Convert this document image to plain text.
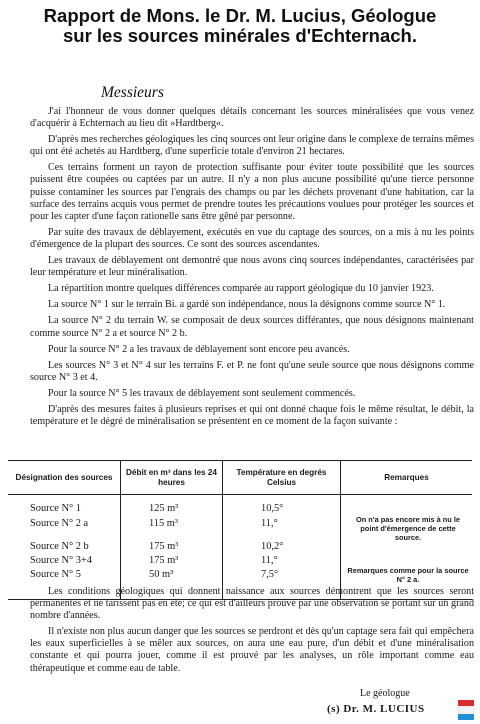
Rapport de Mons. le Dr. M. Lucius, Géologue
sur les sources minérales d'Echternach.
Messieurs

J'ai l'honneur de vous donner quelques détails concernant les sources minéralisées que vous venez d'acquérir à Echternach au lieu dit »Hardtberg«.

D'après mes recherches géologiques les cinq sources ont leur origine dans le complexe de terrains mêmes qui ont été achetés au Hardtberg, d'une superficie totale d'environ 21 hectares.

Ces terrains forment un rayon de protection suffisante pour éviter toute possibilité que les sources puissent être coupées ou captées par un autre. Il n'y a non plus aucune possibilité qu'une tierce personne puisse contaminer les sources par l'engrais des champs ou par les déchets provenant d'une habitation, car la surface des terrains acquis vous permet de prendre toutes les précautions voulues pour protéger les sources et pour les capter d'une façon rationelle sans être gêné par personne.

Par suite des travaux de déblayement, exécutés en vue du captage des sources, on a mis à nu les points d'émergence de la plupart des sources. Ce sont des sources ascendantes.

Les travaux de déblayement ont demontré que nous avons cinq sources indépendantes, caractérisées par leur température et leur minéralisation.

La répartition montre quelques différences comparée au rapport géologique du 10 janvier 1923.

La source N° 1 sur le terrain Bi. a gardé son indépendance, nous la désignons comme source N° 1.

La source N° 2 du terrain W. se composait de deux sources différantes, que nous désignons maintenant comme source N° 2 a et source N° 2 b.

Pour la source N° 2 a les travaux de déblayement sont encore peu avancés.

Les sources N° 3 et N° 4 sur les terrains F. et P. ne font qu'une seule source que nous désignons comme source N° 3 et 4.

Pour la source N° 5 les travaux de déblayement sont seulement commencés.

D'après des mesures faites à plusieurs reprises et qui ont donné chaque fois le même résultat, le débit, la température et le dégré de minéralisation se présentent en ce moment de la façon suivante :

Désignation des sources
Débit en m³ dans les 24 heures
Température en degrés Celsius
Remarques
Source N° 1
Source N° 2 a
Source N° 2 b
Source N° 3+4
Source N° 5
125 m³
115 m³
175 m³
175 m³
50 m³
10,5°
11,°
10,2°
11,°
7,5°
On n'a pas encore mis à nu le point d'émergence de cette source.
Remarques comme pour la source N° 2 a.

Les conditions géologiques qui donnent naissance aux sources démontrent que les sources seront permanentes et ne tarissent pas en été; ce qui est d'ailleurs prouvé par une observation se portant sur un grand nombre d'années.

Il n'existe non plus aucun danger que les sources se perdront et dès qu'un captage sera fait qui empêchera les eaux superficielles à se mêler aux sources, on aura une eau pure, d'un débit et d'une minéralisation constante et qui pourra jouer, comme il est prouvé par les analyses, un rôle important comme eau thérapeutique et comme eau de table.

Le géologue
(s) Dr. M. LUCIUS
